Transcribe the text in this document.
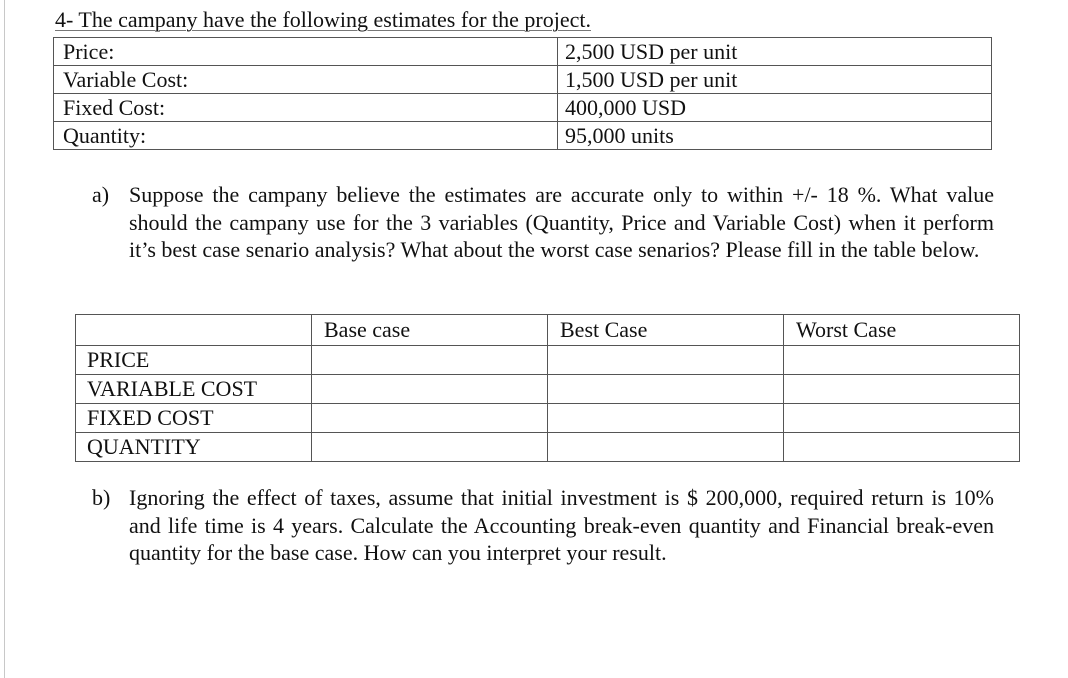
4- The campany have the following estimates for the project.
Price:	2,500 USD per unit
Variable Cost:	1,500 USD per unit
Fixed Cost:	400,000 USD
Quantity:	95,000 units
a) Suppose the campany believe the estimates are accurate only to within +/- 18 %. What value should the campany use for the 3 variables (Quantity, Price and Variable Cost) when it perform it’s best case senario analysis? What about the worst case senarios? Please fill in the table below.
	Base case	Best Case	Worst Case
PRICE			
VARIABLE COST			
FIXED COST			
QUANTITY			
b) Ignoring the effect of taxes, assume that initial investment is $ 200,000, required return is 10% and life time is 4 years. Calculate the Accounting break-even quantity and Financial break-even quantity for the base case. How can you interpret your result.
